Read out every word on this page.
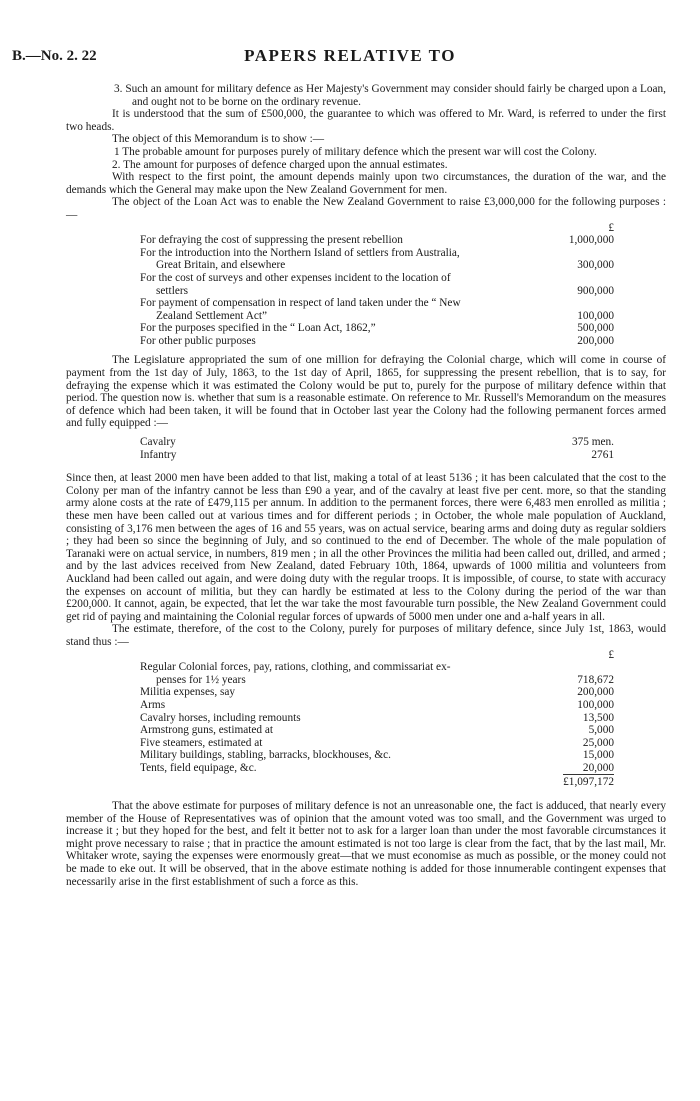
B.—No. 2. 22	PAPERS RELATIVE TO

3. Such an amount for military defence as Her Majesty's Government may consider should fairly be charged upon a Loan, and ought not to be borne on the ordinary revenue.

It is understood that the sum of £500,000, the guarantee to which was offered to Mr. Ward, is referred to under the first two heads.

The object of this Memorandum is to show :—

1 The probable amount for purposes purely of military defence which the present war will cost the Colony.

2. The amount for purposes of defence charged upon the annual estimates.

With respect to the first point, the amount depends mainly upon two circumstances, the duration of the war, and the demands which the General may make upon the New Zealand Government for men.

The object of the Loan Act was to enable the New Zealand Government to raise £3,000,000 for the following purposes :—

£
For defraying the cost of suppressing the present rebellion	1,000,000
For the introduction into the Northern Island of settlers from Australia,
Great Britain, and elsewhere	300,000
For the cost of surveys and other expenses incident to the location of
settlers	900,000
For payment of compensation in respect of land taken under the “ New
Zealand Settlement Act”	100,000
For the purposes specified in the “ Loan Act, 1862,”	500,000
For other public purposes	200,000

The Legislature appropriated the sum of one million for defraying the Colonial charge, which will come in course of payment from the 1st day of July, 1863, to the 1st day of April, 1865, for suppressing the present rebellion, that is to say, for defraying the expense which it was estimated the Colony would be put to, purely for the purpose of military defence within that period. The question now is. whether that sum is a reasonable estimate. On reference to Mr. Russell's Memorandum on the measures of defence which had been taken, it will be found that in October last year the Colony had the following permanent forces armed and fully equipped :—

Cavalry	375 men.
Infantry	2761

Since then, at least 2000 men have been added to that list, making a total of at least 5136 ; it has been calculated that the cost to the Colony per man of the infantry cannot be less than £90 a year, and of the cavalry at least five per cent. more, so that the standing army alone costs at the rate of £479,115 per annum. In addition to the permanent forces, there were 6,483 men enrolled as militia ; these men have been called out at various times and for different periods ; in October, the whole male population of Auckland, consisting of 3,176 men between the ages of 16 and 55 years, was on actual service, bearing arms and doing duty as regular soldiers ; they had been so since the beginning of July, and so continued to the end of December. The whole of the male population of Taranaki were on actual service, in numbers, 819 men ; in all the other Provinces the militia had been called out, drilled, and armed ; and by the last advices received from New Zealand, dated February 10th, 1864, upwards of 1000 militia and volunteers from Auckland had been called out again, and were doing duty with the regular troops. It is impossible, of course, to state with accuracy the expenses on account of militia, but they can hardly be estimated at less to the Colony during the period of the war than £200,000. It cannot, again, be expected, that let the war take the most favourable turn possible, the New Zealand Government could get rid of paying and maintaining the Colonial regular forces of upwards of 5000 men under one and a-half years in all.

The estimate, therefore, of the cost to the Colony, purely for purposes of military defence, since July 1st, 1863, would stand thus :—

£
Regular Colonial forces, pay, rations, clothing, and commissariat ex-
penses for 1½ years	718,672
Militia expenses, say	200,000
Arms	100,000
Cavalry horses, including remounts	13,500
Armstrong guns, estimated at	5,000
Five steamers, estimated at	25,000
Military buildings, stabling, barracks, blockhouses, &c.	15,000
Tents, field equipage, &c.	20,000
£1,097,172

That the above estimate for purposes of military defence is not an unreasonable one, the fact is adduced, that nearly every member of the House of Representatives was of opinion that the amount voted was too small, and the Government was urged to increase it ; but they hoped for the best, and felt it better not to ask for a larger loan than under the most favorable circumstances it might prove necessary to raise ; that in practice the amount estimated is not too large is clear from the fact, that by the last mail, Mr. Whitaker wrote, saying the expenses were enormously great—that we must economise as much as possible, or the money could not be made to eke out. It will be observed, that in the above estimate nothing is added for those innumerable contingent expenses that necessarily arise in the first establishment of such a force as this.
